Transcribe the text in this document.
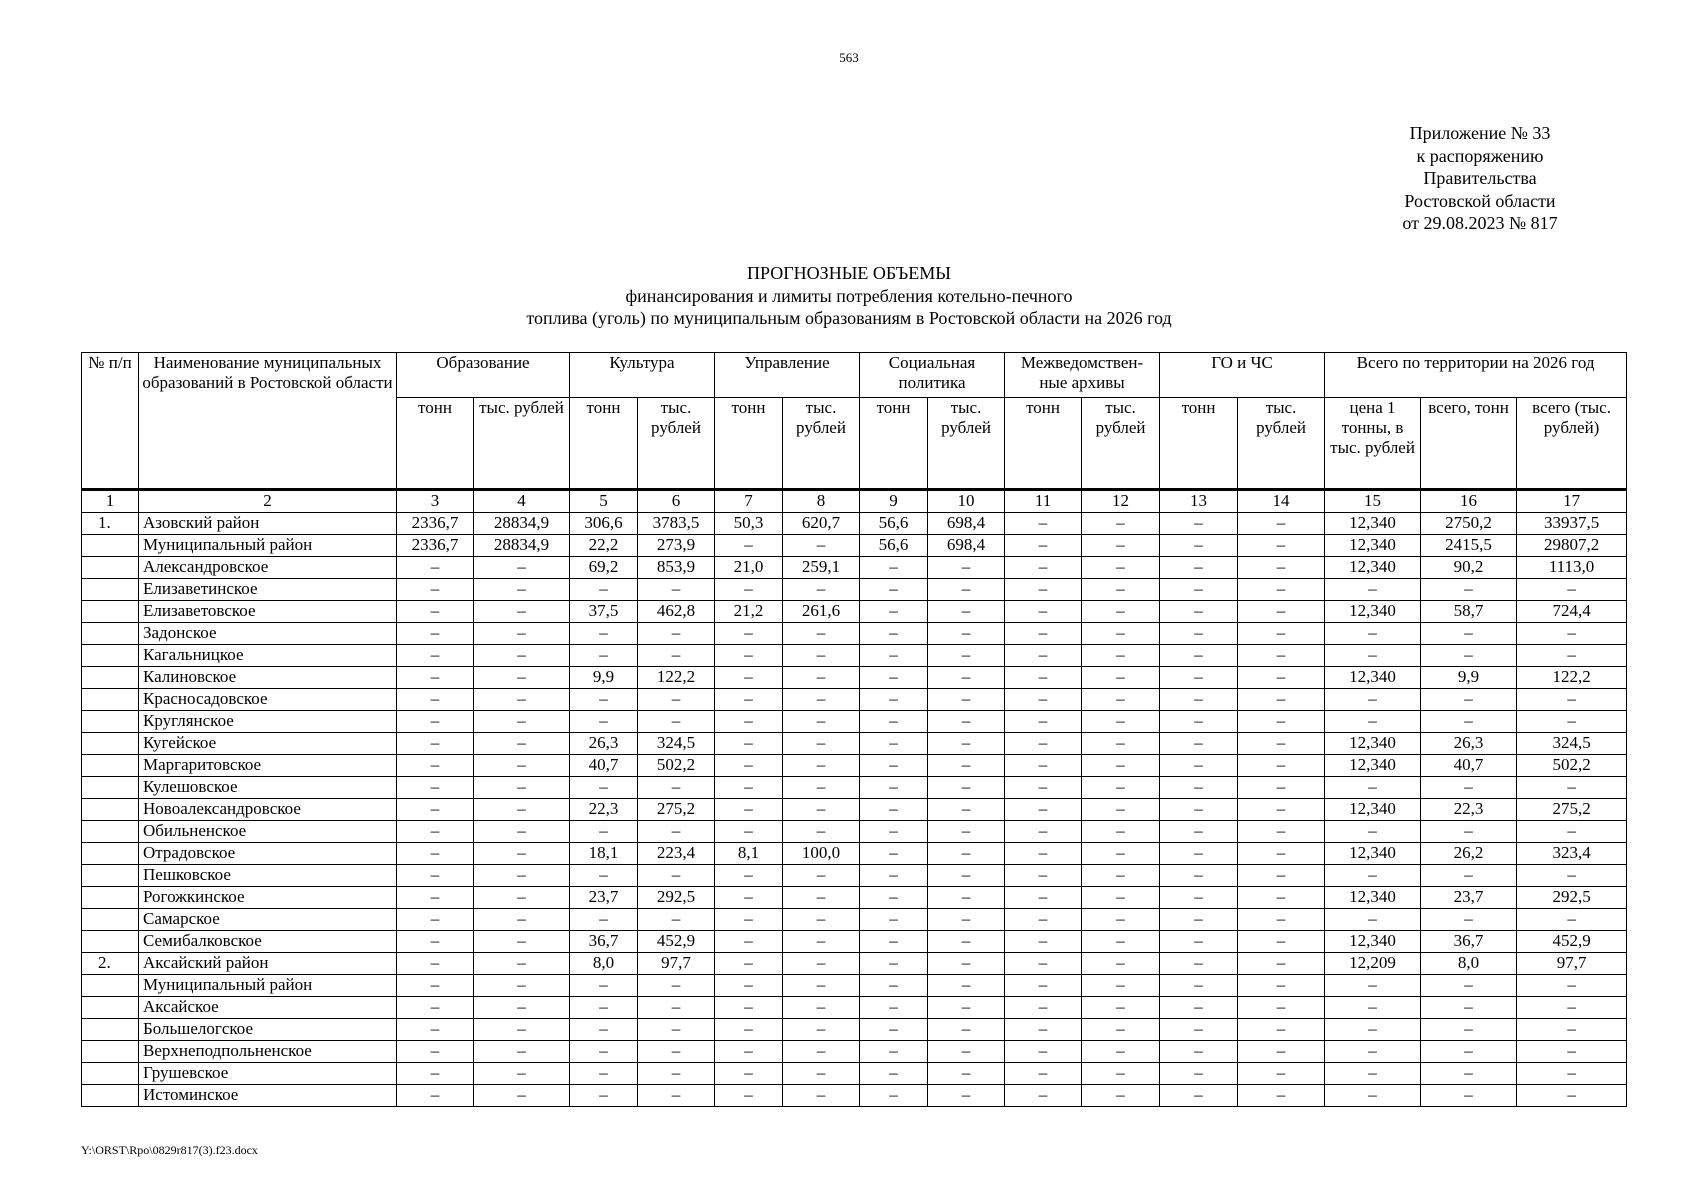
563
Приложение № 33
к распоряжению
Правительства
Ростовской области
от 29.08.2023 № 817
ПРОГНОЗНЫЕ ОБЪЕМЫ
финансирования и лимиты потребления котельно-печного
топлива (уголь) по муниципальным образованиям в Ростовской области на 2026 год
№ п/п	Наименование муниципальных образований в Ростовской области	Образование		Культура		Управление		Социальная политика		Межведомствен-ные архивы		ГО и ЧС		Всего по территории на 2026 год		
		тонн	тыс. рублей	тонн	тыс. рублей	тонн	тыс. рублей	тонн	тыс. рублей	тонн	тыс. рублей	тонн	тыс. рублей	цена 1 тонны, в тыс. рублей	всего, тонн	всего (тыс. рублей)
1	2	3	4	5	6	7	8	9	10	11	12	13	14	15	16	17
1.	Азовский район	2336,7	28834,9	306,6	3783,5	50,3	620,7	56,6	698,4	–	–	–	–	12,340	2750,2	33937,5
	Муниципальный район	2336,7	28834,9	22,2	273,9	–	–	56,6	698,4	–	–	–	–	12,340	2415,5	29807,2
	Александровское	–	–	69,2	853,9	21,0	259,1	–	–	–	–	–	–	12,340	90,2	1113,0
	Елизаветинское	–	–	–	–	–	–	–	–	–	–	–	–	–	–	–
	Елизаветовское	–	–	37,5	462,8	21,2	261,6	–	–	–	–	–	–	12,340	58,7	724,4
	Задонское	–	–	–	–	–	–	–	–	–	–	–	–	–	–	–
	Кагальницкое	–	–	–	–	–	–	–	–	–	–	–	–	–	–	–
	Калиновское	–	–	9,9	122,2	–	–	–	–	–	–	–	–	12,340	9,9	122,2
	Красносадовское	–	–	–	–	–	–	–	–	–	–	–	–	–	–	–
	Круглянское	–	–	–	–	–	–	–	–	–	–	–	–	–	–	–
	Кугейское	–	–	26,3	324,5	–	–	–	–	–	–	–	–	12,340	26,3	324,5
	Маргаритовское	–	–	40,7	502,2	–	–	–	–	–	–	–	–	12,340	40,7	502,2
	Кулешовское	–	–	–	–	–	–	–	–	–	–	–	–	–	–	–
	Новоалександровское	–	–	22,3	275,2	–	–	–	–	–	–	–	–	12,340	22,3	275,2
	Обильненское	–	–	–	–	–	–	–	–	–	–	–	–	–	–	–
	Отрадовское	–	–	18,1	223,4	8,1	100,0	–	–	–	–	–	–	12,340	26,2	323,4
	Пешковское	–	–	–	–	–	–	–	–	–	–	–	–	–	–	–
	Рогожкинское	–	–	23,7	292,5	–	–	–	–	–	–	–	–	12,340	23,7	292,5
	Самарское	–	–	–	–	–	–	–	–	–	–	–	–	–	–	–
	Семибалковское	–	–	36,7	452,9	–	–	–	–	–	–	–	–	12,340	36,7	452,9
2.	Аксайский район	–	–	8,0	97,7	–	–	–	–	–	–	–	–	12,209	8,0	97,7
	Муниципальный район	–	–	–	–	–	–	–	–	–	–	–	–	–	–	–
	Аксайское	–	–	–	–	–	–	–	–	–	–	–	–	–	–	–
	Большелогское	–	–	–	–	–	–	–	–	–	–	–	–	–	–	–
	Верхнеподпольненское	–	–	–	–	–	–	–	–	–	–	–	–	–	–	–
	Грушевское	–	–	–	–	–	–	–	–	–	–	–	–	–	–	–
	Истоминское	–	–	–	–	–	–	–	–	–	–	–	–	–	–	–
Y:\ORST\Rpo\0829r817(3).f23.docx
